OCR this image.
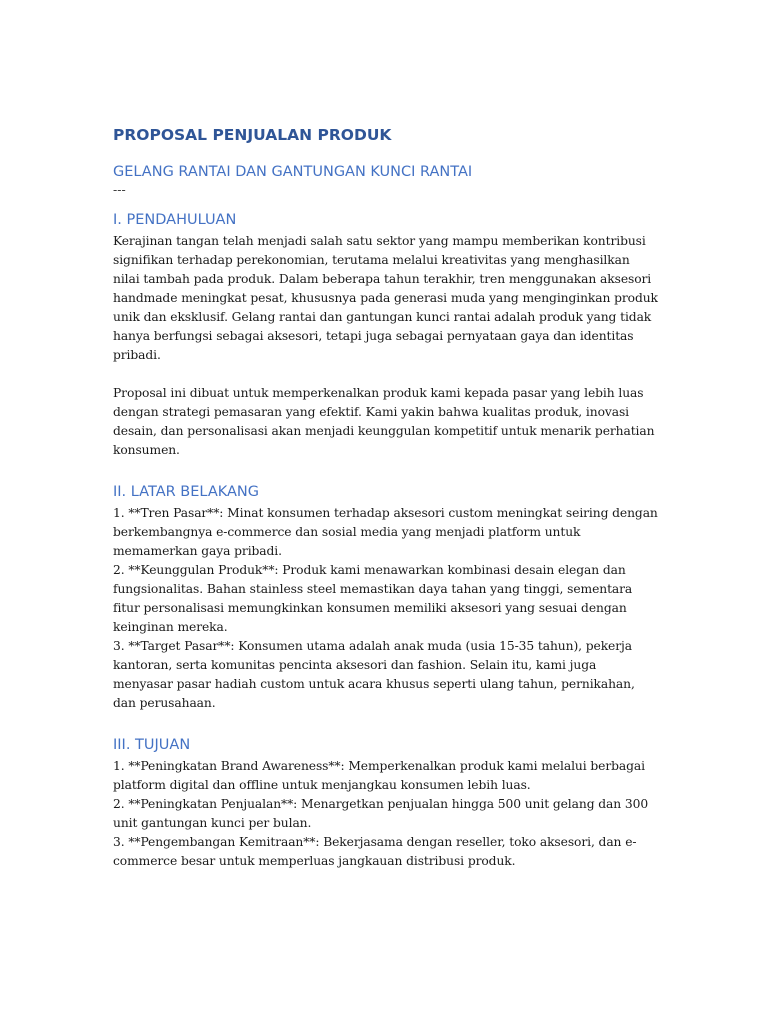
PROPOSAL PENJUALAN PRODUK
GELANG RANTAI DAN GANTUNGAN KUNCI RANTAI
---
I. PENDAHULUAN

Kerajinan tangan telah menjadi salah satu sektor yang mampu memberikan kontribusi signifikan terhadap perekonomian, terutama melalui kreativitas yang menghasilkan nilai tambah pada produk. Dalam beberapa tahun terakhir, tren menggunakan aksesori handmade meningkat pesat, khususnya pada generasi muda yang menginginkan produk unik dan eksklusif. Gelang rantai dan gantungan kunci rantai adalah produk yang tidak hanya berfungsi sebagai aksesori, tetapi juga sebagai pernyataan gaya dan identitas pribadi.

Proposal ini dibuat untuk memperkenalkan produk kami kepada pasar yang lebih luas dengan strategi pemasaran yang efektif. Kami yakin bahwa kualitas produk, inovasi desain, dan personalisasi akan menjadi keunggulan kompetitif untuk menarik perhatian konsumen.

II. LATAR BELAKANG

1. **Tren Pasar**: Minat konsumen terhadap aksesori custom meningkat seiring dengan berkembangnya e-commerce dan sosial media yang menjadi platform untuk memamerkan gaya pribadi.

2. **Keunggulan Produk**: Produk kami menawarkan kombinasi desain elegan dan fungsionalitas. Bahan stainless steel memastikan daya tahan yang tinggi, sementara fitur personalisasi memungkinkan konsumen memiliki aksesori yang sesuai dengan keinginan mereka.

3. **Target Pasar**: Konsumen utama adalah anak muda (usia 15-35 tahun), pekerja kantoran, serta komunitas pencinta aksesori dan fashion. Selain itu, kami juga menyasar pasar hadiah custom untuk acara khusus seperti ulang tahun, pernikahan, dan perusahaan.

III. TUJUAN

1. **Peningkatan Brand Awareness**: Memperkenalkan produk kami melalui berbagai platform digital dan offline untuk menjangkau konsumen lebih luas.

2. **Peningkatan Penjualan**: Menargetkan penjualan hingga 500 unit gelang dan 300 unit gantungan kunci per bulan.

3. **Pengembangan Kemitraan**: Bekerjasama dengan reseller, toko aksesori, dan e-commerce besar untuk memperluas jangkauan distribusi produk.
